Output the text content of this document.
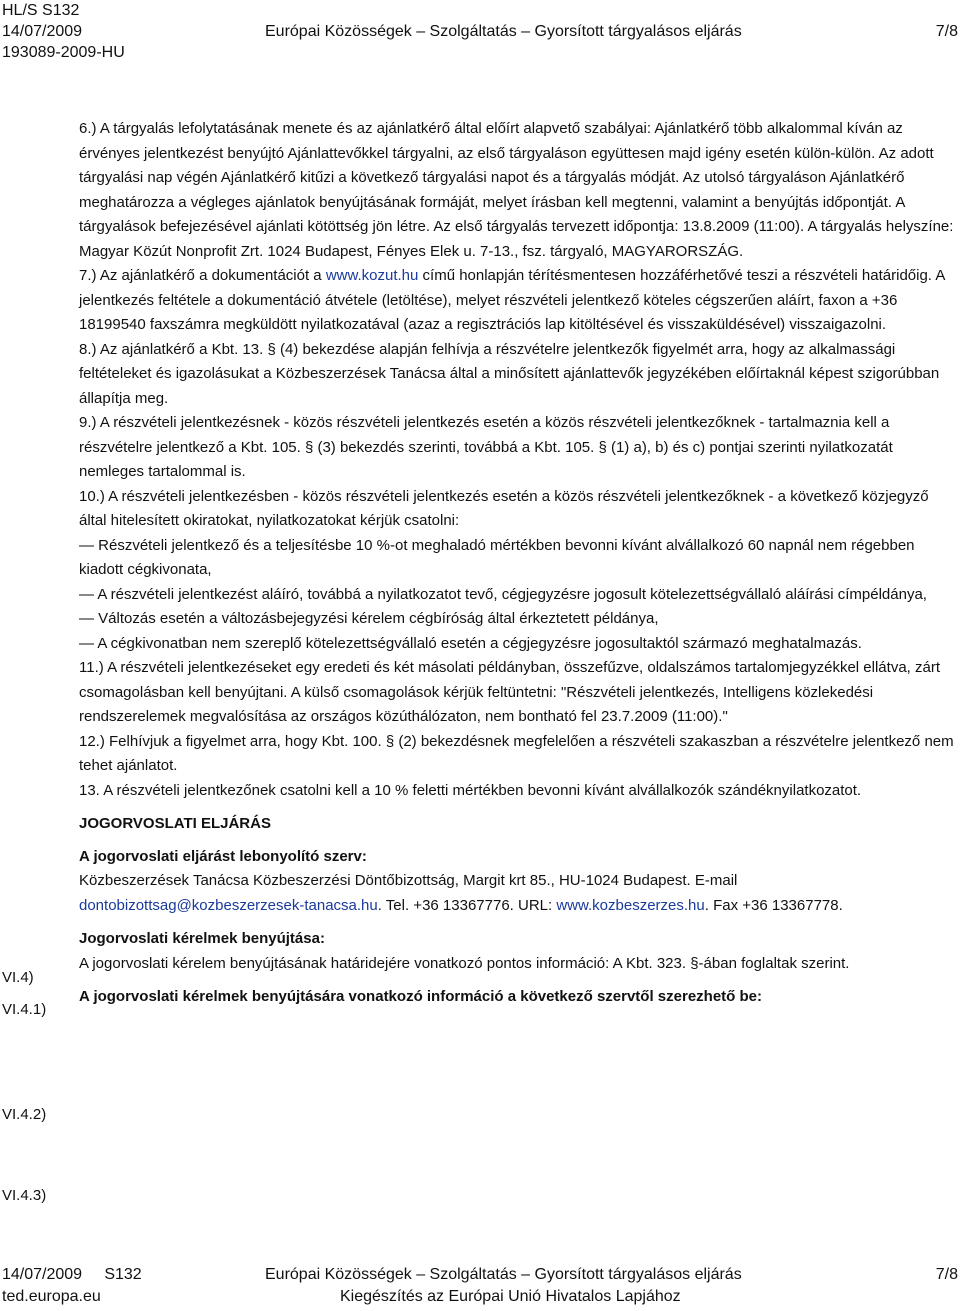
HL/S S132
14/07/2009
193089-2009-HU
Európai Közösségek – Szolgáltatás – Gyorsított tárgyalásos eljárás	7/8
VI.4)
VI.4.1)
VI.4.2)
VI.4.3)

6.) A tárgyalás lefolytatásának menete és az ajánlatkérő által előírt alapvető szabályai: Ajánlatkérő több alkalommal kíván az érvényes jelentkezést benyújtó Ajánlattevőkkel tárgyalni, az első tárgyaláson együttesen majd igény esetén külön-külön. Az adott tárgyalási nap végén Ajánlatkérő kitűzi a következő tárgyalási napot és a tárgyalás módját. Az utolsó tárgyaláson Ajánlatkérő meghatározza a végleges ajánlatok benyújtásának formáját, melyet írásban kell megtenni, valamint a benyújtás időpontját. A tárgyalások befejezésével ajánlati kötöttség jön létre. Az első tárgyalás tervezett időpontja: 13.8.2009 (11:00). A tárgyalás helyszíne: Magyar Közút Nonprofit Zrt. 1024 Budapest, Fényes Elek u. 7-13., fsz. tárgyaló, MAGYARORSZÁG.

7.) Az ajánlatkérő a dokumentációt a www.kozut.hu című honlapján térítésmentesen hozzáférhetővé teszi a részvételi határidőig. A jelentkezés feltétele a dokumentáció átvétele (letöltése), melyet részvételi jelentkező köteles cégszerűen aláírt, faxon a +36 18199540 faxszámra megküldött nyilatkozatával (azaz a regisztrációs lap kitöltésével és visszaküldésével) visszaigazolni.

8.) Az ajánlatkérő a Kbt. 13. § (4) bekezdése alapján felhívja a részvételre jelentkezők figyelmét arra, hogy az alkalmassági feltételeket és igazolásukat a Közbeszerzések Tanácsa által a minősített ajánlattevők jegyzékében előírtaknál képest szigorúbban állapítja meg.

9.) A részvételi jelentkezésnek - közös részvételi jelentkezés esetén a közös részvételi jelentkezőknek - tartalmaznia kell a részvételre jelentkező a Kbt. 105. § (3) bekezdés szerinti, továbbá a Kbt. 105. § (1) a), b) és c) pontjai szerinti nyilatkozatát nemleges tartalommal is.

10.) A részvételi jelentkezésben - közös részvételi jelentkezés esetén a közös részvételi jelentkezőknek - a következő közjegyző által hitelesített okiratokat, nyilatkozatokat kérjük csatolni:

— Részvételi jelentkező és a teljesítésbe 10 %-ot meghaladó mértékben bevonni kívánt alvállalkozó 60 napnál nem régebben kiadott cégkivonata,

— A részvételi jelentkezést aláíró, továbbá a nyilatkozatot tevő, cégjegyzésre jogosult kötelezettségvállaló aláírási címpéldánya,

— Változás esetén a változásbejegyzési kérelem cégbíróság által érkeztetett példánya,

— A cégkivonatban nem szereplő kötelezettségvállaló esetén a cégjegyzésre jogosultaktól származó meghatalmazás.

11.) A részvételi jelentkezéseket egy eredeti és két másolati példányban, összefűzve, oldalszámos tartalomjegyzékkel ellátva, zárt csomagolásban kell benyújtani. A külső csomagolások kérjük feltüntetni: "Részvételi jelentkezés, Intelligens közlekedési rendszerelemek megvalósítása az országos közúthálózaton, nem bontható fel 23.7.2009 (11:00)."

12.) Felhívjuk a figyelmet arra, hogy Kbt. 100. § (2) bekezdésnek megfelelően a részvételi szakaszban a részvételre jelentkező nem tehet ajánlatot.

13. A részvételi jelentkezőnek csatolni kell a 10 % feletti mértékben bevonni kívánt alvállalkozók szándéknyilatkozatot.

JOGORVOSLATI ELJÁRÁS

A jogorvoslati eljárást lebonyolító szerv:

Közbeszerzések Tanácsa Közbeszerzési Döntőbizottság, Margit krt 85., HU-1024 Budapest. E-mail dontobizottsag@kozbeszerzesek-tanacsa.hu. Tel. +36 13367776. URL: www.kozbeszerzes.hu. Fax +36 13367778.

Jogorvoslati kérelmek benyújtása:

A jogorvoslati kérelem benyújtásának határidejére vonatkozó pontos információ: A Kbt. 323. §-ában foglaltak szerint.

A jogorvoslati kérelmek benyújtására vonatkozó információ a következő szervtől szerezhető be:

14/07/2009 S132
ted.europa.eu
Európai Közösségek – Szolgáltatás – Gyorsított tárgyalásos eljárás
Kiegészítés az Európai Unió Hivatalos Lapjához
7/8
